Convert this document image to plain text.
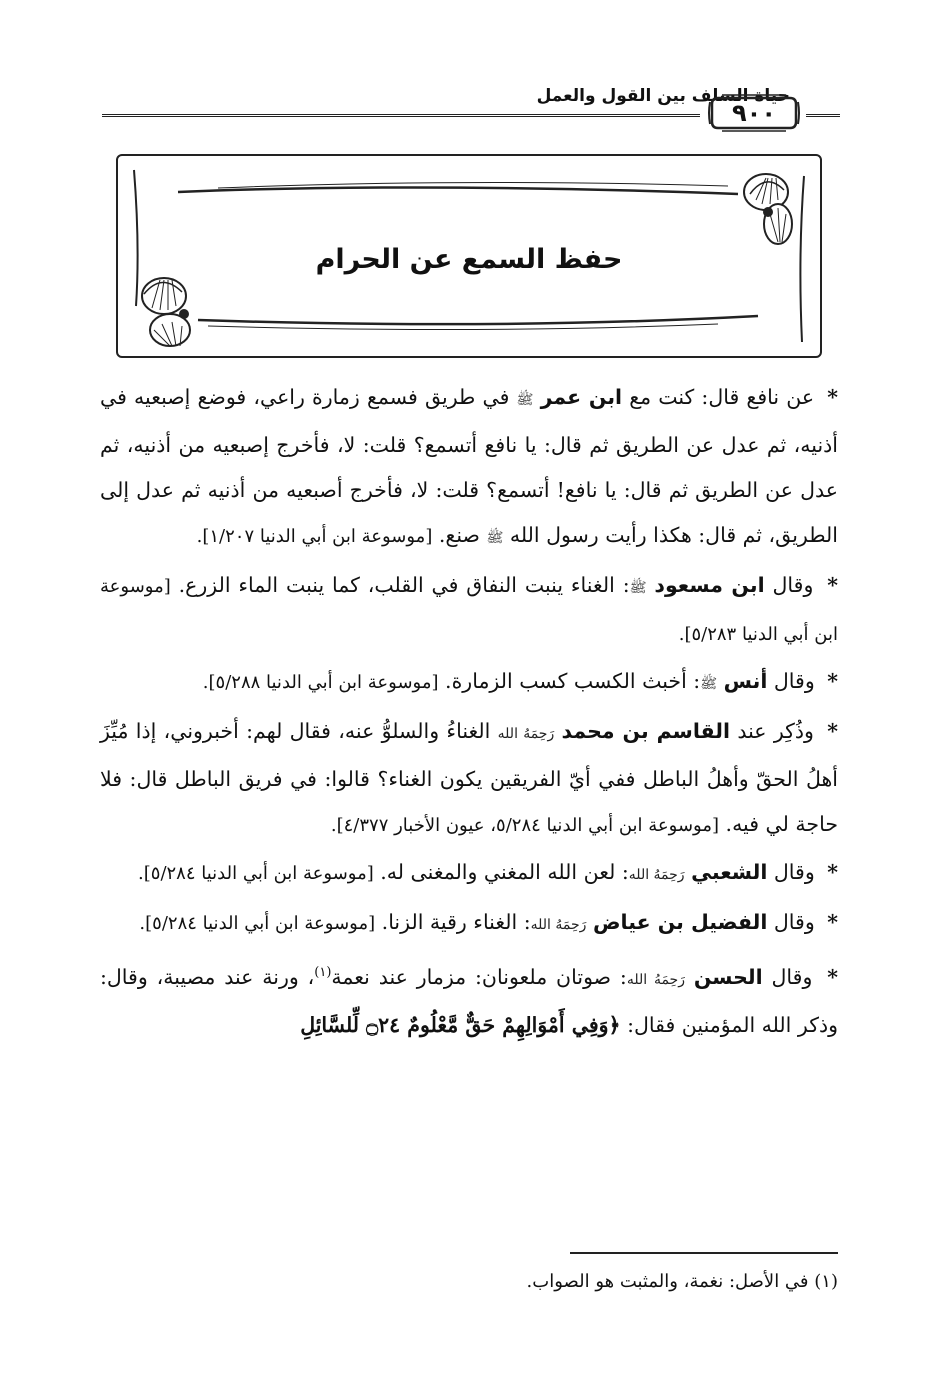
حياة السلف بين القول والعمل
٩٠٠
حفظ السمع عن الحرام

* عن نافع قال: كنت مع ابن عمر ﷺ في طريق فسمع زمارة راعي، فوضع إصبعيه في أذنيه، ثم عدل عن الطريق ثم قال: يا نافع أتسمع؟ قلت: لا، فأخرج إصبعيه من أذنيه، ثم عدل عن الطريق ثم قال: يا نافع! أتسمع؟ قلت: لا، فأخرج أصبعيه من أذنيه ثم عدل إلى الطريق، ثم قال: هكذا رأيت رسول الله ﷺ صنع. [موسوعة ابن أبي الدنيا ١/٢٠٧].

* وقال ابن مسعود ﷺ: الغناء ينبت النفاق في القلب، كما ينبت الماء الزرع. [موسوعة ابن أبي الدنيا ٥/٢٨٣].

* وقال أنس ﷺ: أخبث الكسب كسب الزمارة. [موسوعة ابن أبي الدنيا ٥/٢٨٨].

* وذُكِر عند القاسم بن محمد رَحِمَهُ الله الغناءُ والسلوُّ عنه، فقال لهم: أخبروني، إذا مُيِّزَ أهلُ الحقّ وأهلُ الباطل ففي أيّ الفريقين يكون الغناء؟ قالوا: في فريق الباطل قال: فلا حاجة لي فيه. [موسوعة ابن أبي الدنيا ٥/٢٨٤، عيون الأخبار ٤/٣٧٧].

* وقال الشعبي رَحِمَهُ الله: لعن الله المغني والمغنى له. [موسوعة ابن أبي الدنيا ٥/٢٨٤].

* وقال الفضيل بن عياض رَحِمَهُ الله: الغناء رقية الزنا. [موسوعة ابن أبي الدنيا ٥/٢٨٤].

* وقال الحسن رَحِمَهُ الله: صوتان ملعونان: مزمار عند نعمة$^{(١)}$، ورنة عند مصيبة، وقال: وذكر الله المؤمنين فقال: ﴿وَفِي أَمْوَالِهِمْ حَقٌّ مَّعْلُومٌ ۝٢٤ لِّلسَّائِلِ

(١) في الأصل: نغمة، والمثبت هو الصواب.
